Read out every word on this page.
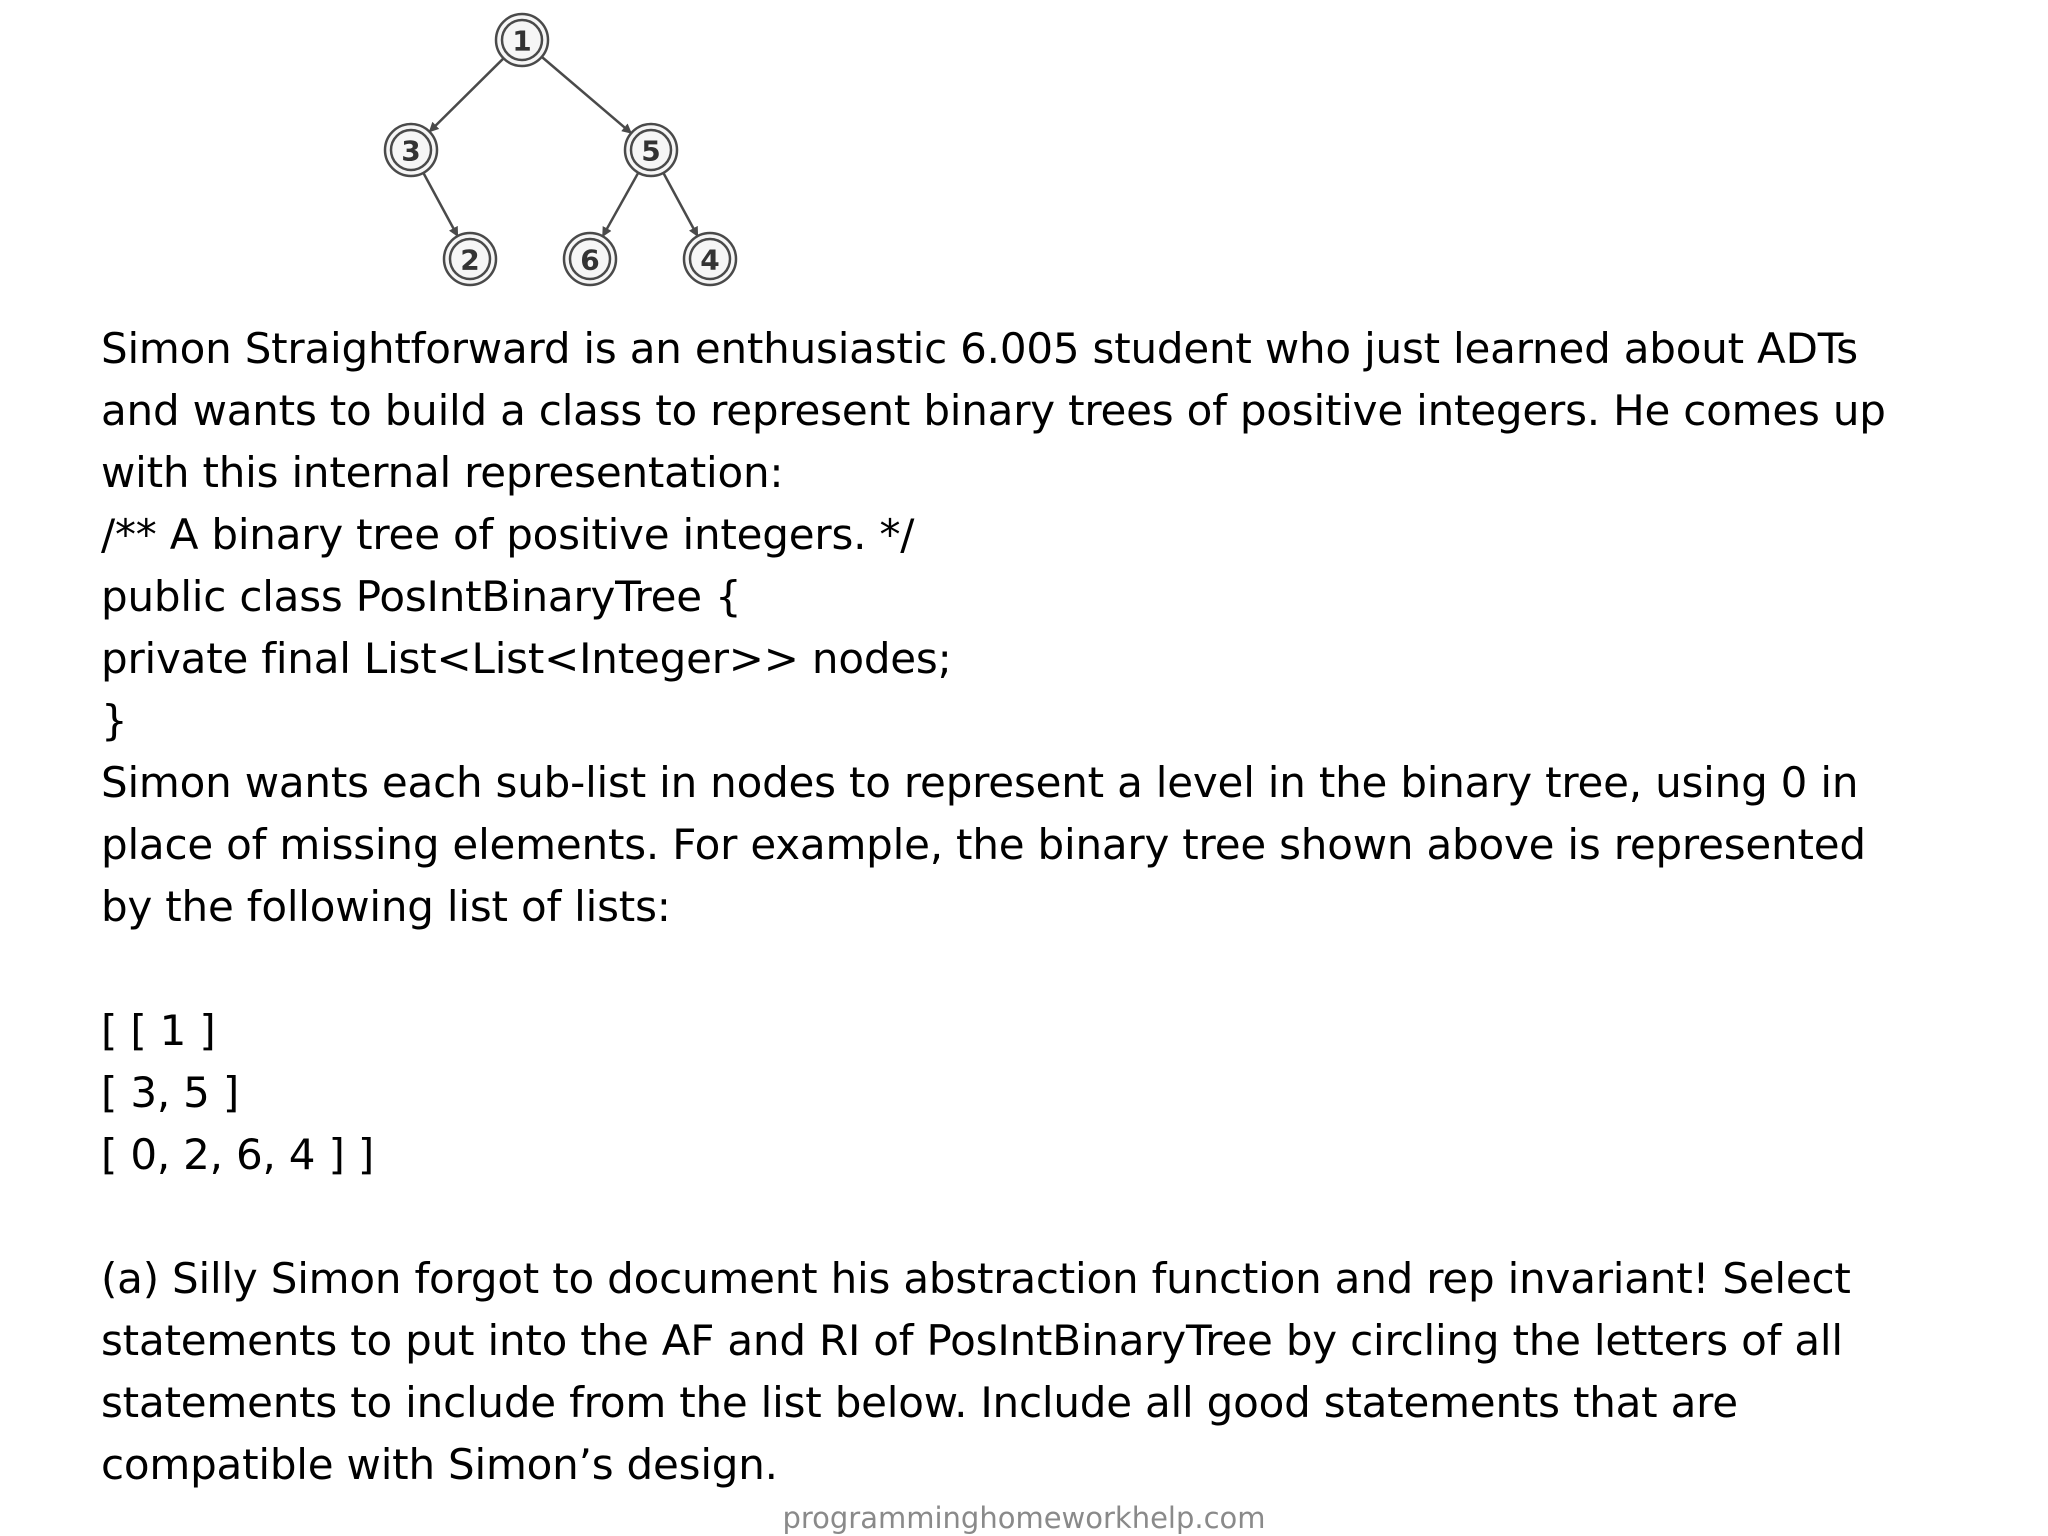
1
3	5
2	6	4
Simon Straightforward is an enthusiastic 6.005 student who just learned about ADTs
and wants to build a class to represent binary trees of positive integers. He comes up
with this internal representation:
/** A binary tree of positive integers. */
public class PosIntBinaryTree {
private final List<List<Integer>> nodes;
}
Simon wants each sub-list in nodes to represent a level in the binary tree, using 0 in
place of missing elements. For example, the binary tree shown above is represented
by the following list of lists:
[ [ 1 ]
[ 3, 5 ]
[ 0, 2, 6, 4 ] ]
(a) Silly Simon forgot to document his abstraction function and rep invariant! Select
statements to put into the AF and RI of PosIntBinaryTree by circling the letters of all
statements to include from the list below. Include all good statements that are
compatible with Simon’s design.
programminghomeworkhelp.com
